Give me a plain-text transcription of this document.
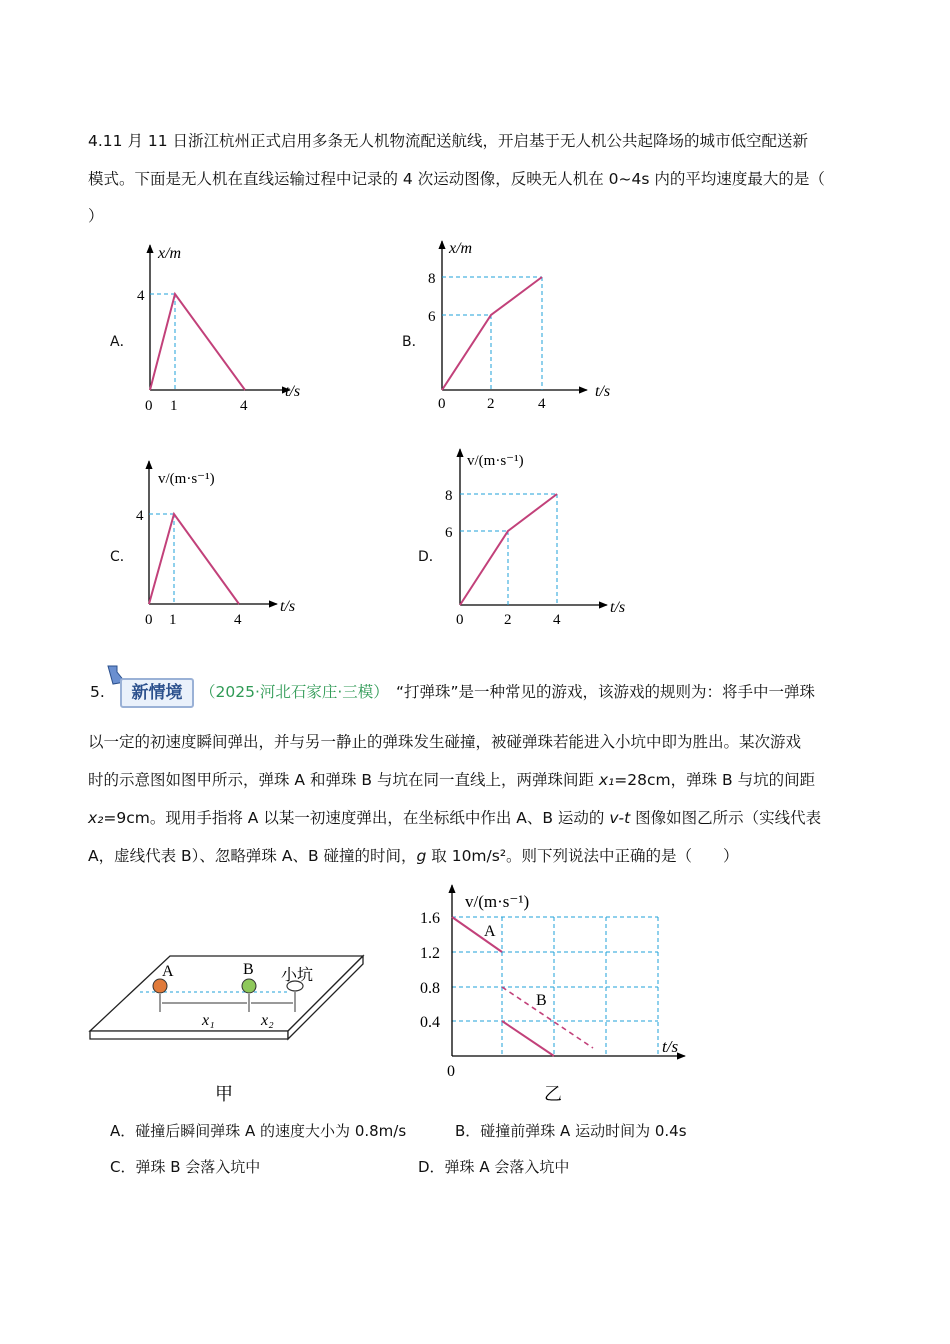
4.11 月 11 日浙江杭州正式启用多条无人机物流配送航线，开启基于无人机公共起降场的城市低空配送新
模式。下面是无人机在直线运输过程中记录的 4 次运动图像，反映无人机在 0~4s 内的平均速度最大的是（
）
A．	B．
C．	D．
x/m
t/s
4
0 1	4
x/m
t/s
8
6
0	2	4
v/(m·s⁻¹)
t/s
4
0 1	4
v/(m·s⁻¹)
t/s
8
6
0	2	4
5.	新情境	（2025·河北石家庄·三模） “打弹珠”是一种常见的游戏，该游戏的规则为：将手中一弹珠
以一定的初速度瞬间弹出，并与另一静止的弹珠发生碰撞，被碰弹珠若能进入小坑中即为胜出。某次游戏
时的示意图如图甲所示，弹珠 A 和弹珠 B 与坑在同一直线上，两弹珠间距 x₁=28cm，弹珠 B 与坑的间距
x₂=9cm。现用手指将 A 以某一初速度弹出，在坐标纸中作出 A、B 运动的 v-t 图像如图乙所示（实线代表
A，虚线代表 B）、忽略弹珠 A、B 碰撞的时间，g 取 10m/s²。则下列说法中正确的是（　　）
A	B 小坑
x₁	x₂
甲
v/(m·s⁻¹)
t/s
1.6
1.2
0.8
0.4
0
A
B
乙
A．碰撞后瞬间弹珠 A 的速度大小为 0.8m/s	B．碰撞前弹珠 A 运动时间为 0.4s
C．弹珠 B 会落入坑中	D．弹珠 A 会落入坑中
